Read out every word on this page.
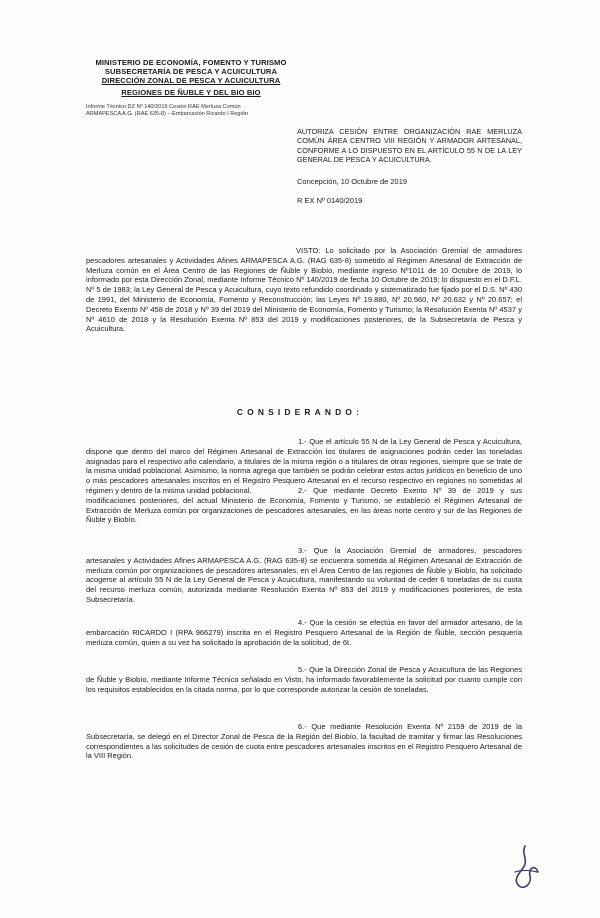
MINISTERIO DE ECONOMÍA, FOMENTO Y TURISMO
SUBSECRETARÍA DE PESCA Y ACUICULTURA
DIRECCIÓN ZONAL DE PESCA Y ACUICULTURA
REGIONES DE ÑUBLE Y DEL BIO BIO
Informe Técnico DZ Nº 140/2019 Cesión RAE Merluza Común
ARMAPESCA A.G. (RAE 635-8) – Embarcación Ricardo I Región
AUTORIZA CESIÓN ENTRE ORGANIZACIÓN RAE MERLUZA COMÚN ÁREA CENTRO VIII REGIÓN Y ARMADOR ARTESANAL, CONFORME A LO DISPUESTO EN EL ARTÍCULO 55 N DE LA LEY GENERAL DE PESCA Y ACUICULTURA.
Concepción, 10 Octubre de 2019
R EX Nº 0140/2019
VISTO: Lo solicitado por la Asociación Gremial de armadores pescadores artesanales y Actividades Afines ARMAPESCA A.G. (RAG 635-8) sometido al Régimen Artesanal de Extracción de Merluza común en el Área Centro de las Regiones de Ñuble y Biobío, mediante ingreso Nº1011 de 10 Octubre de 2019, lo informado por esta Dirección Zonal, mediante Informe Técnico Nº 140/2019 de fecha 10 Octubre de 2019; lo dispuesto en el D.F.L. Nº 5 de 1983; la Ley General de Pesca y Acuicultura, cuyo texto refundido coordinado y sistematizado fue fijado por el D.S. Nº 430 de 1991, del Ministerio de Economía, Fomento y Reconstrucción; las Leyes Nº 19.880, Nº 20.560, Nº 20.632 y Nº 20.657; el Decreto Exento Nº 458 de 2018 y Nº 39 del 2019 del Ministerio de Economía, Fomento y Turismo; la Resolución Exenta Nº 4537 y Nº 4610 de 2018 y la Resolución Exenta Nº 853 del 2019 y modificaciones posteriores, de la Subsecretaría de Pesca y Acuicultura.
CONSIDERANDO:
1.- Que el artículo 55 N de la Ley General de Pesca y Acuicultura, dispone que dentro del marco del Régimen Artesanal de Extracción los titulares de asignaciones podrán ceder las toneladas asignadas para el respectivo año calendario, a titulares de la misma región o a titulares de otras regiones, siempre que se trate de la misma unidad poblacional. Asimismo, la norma agrega que también se podrán celebrar estos actos jurídicos en beneficio de uno o más pescadores artesanales inscritos en el Registro Pesquero Artesanal en el recurso respectivo en regiones no sometidas al régimen y dentro de la misma unidad poblacional.	2.- Que mediante Decreto Exento Nº 39 de 2019 y sus modificaciones posteriores, del actual Ministerio de Economía, Fomento y Turismo, se estableció el Régimen Artesanal de Extracción de Merluza común por organizaciones de pescadores artesanales, en las áreas norte centro y sur de las Regiones de Ñuble y Biobío.
3.- Que la Asociación Gremial de armadores, pescadores artesanales y Actividades Afines ARMAPESCA A.G. (RAG 635-8) se encuentra sometida al Régimen Artesanal de Extracción de merluza común por organizaciones de pescadores artesanales, en el Área Centro de las regiones de Ñuble y Biobío, ha solicitado acogerse al artículo 55 N de la Ley General de Pesca y Acuicultura, manifestando su voluntad de ceder 6 toneladas de su cuota del recurso merluza común, autorizada mediante Resolución Exenta Nº 853 del 2019 y modificaciones posteriores, de esta Subsecretaría.
4.- Que la cesión se efectúa en favor del armador artesano, de la embarcación RICARDO I (RPA 966279) inscrita en el Registro Pesquero Artesanal de la Región de Ñuble, sección pesquería merluza común, quien a su vez ha solicitado la aprobación de la solicitud, de 6t.
5.- Que la Dirección Zonal de Pesca y Acuicultura de las Regiones de Ñuble y Biobío, mediante Informe Técnico señalado en Visto, ha informado favorablemente la solicitud por cuanto cumple con los requisitos establecidos en la citada norma, por lo que corresponde autorizar la cesión de toneladas.
6.- Que mediante Resolución Exenta Nº 2159 de 2019 de la Subsecretaría, se delegó en el Director Zonal de Pesca de la Región del Biobío, la facultad de tramitar y firmar las Resoluciones correspondientes a las solicitudes de cesión de cuota entre pescadores artesanales inscritos en el Registro Pesquero Artesanal de la VIII Región.
